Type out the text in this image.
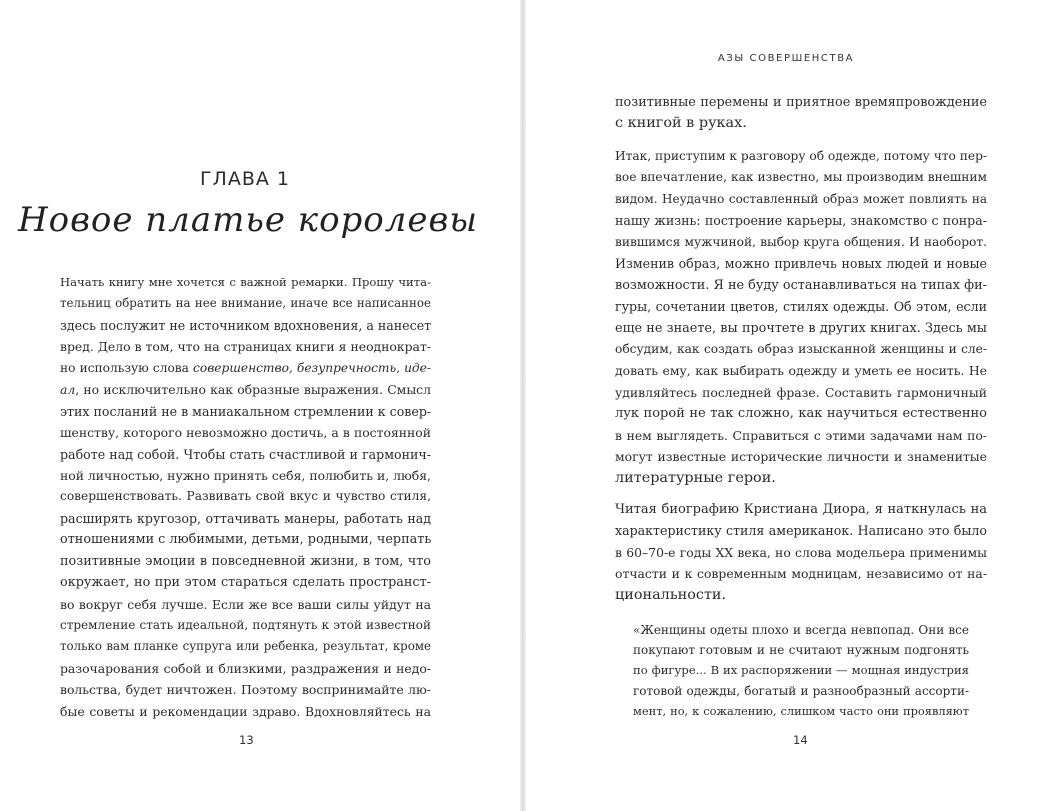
ГЛАВА 1
Новое платье королевы
Начать книгу мне хочется с важной ремарки. Прошу чита-
тельниц обратить на нее внимание, иначе все написанное
здесь послужит не источником вдохновения, а нанесет
вред. Дело в том, что на страницах книги я неоднократ-
но использую слова совершенство, безупречность, иде-
ал, но исключительно как образные выражения. Смысл
этих посланий не в маниакальном стремлении к совер-
шенству, которого невозможно достичь, а в постоянной
работе над собой. Чтобы стать счастливой и гармонич-
ной личностью, нужно принять себя, полюбить и, любя,
совершенствовать. Развивать свой вкус и чувство стиля,
расширять кругозор, оттачивать манеры, работать над
отношениями с любимыми, детьми, родными, черпать
позитивные эмоции в повседневной жизни, в том, что
окружает, но при этом стараться сделать пространст-
во вокруг себя лучше. Если же все ваши силы уйдут на
стремление стать идеальной, подтянуть к этой известной
только вам планке супруга или ребенка, результат, кроме
разочарования собой и близкими, раздражения и недо-
вольства, будет ничтожен. Поэтому воспринимайте лю-
бые советы и рекомендации здраво. Вдохновляйтесь на
13
АЗЫ СОВЕРШЕНСТВА
позитивные перемены и приятное времяпровождение
с книгой в руках.
Итак, приступим к разговору об одежде, потому что пер-
вое впечатление, как известно, мы производим внешним
видом. Неудачно составленный образ может повлиять на
нашу жизнь: построение карьеры, знакомство с понра-
вившимся мужчиной, выбор круга общения. И наоборот.
Изменив образ, можно привлечь новых людей и новые
возможности. Я не буду останавливаться на типах фи-
гуры, сочетании цветов, стилях одежды. Об этом, если
еще не знаете, вы прочтете в других книгах. Здесь мы
обсудим, как создать образ изысканной женщины и сле-
довать ему, как выбирать одежду и уметь ее носить. Не
удивляйтесь последней фразе. Составить гармоничный
лук порой не так сложно, как научиться естественно
в нем выглядеть. Справиться с этими задачами нам по-
могут известные исторические личности и знаменитые
литературные герои.
Читая биографию Кристиана Диора, я наткнулась на
характеристику стиля американок. Написано это было
в 60–70-е годы XX века, но слова модельера применимы
отчасти и к современным модницам, независимо от на-
циональности.
«Женщины одеты плохо и всегда невпопад. Они все
покупают готовым и не считают нужным подгонять
по фигуре... В их распоряжении — мощная индустрия
готовой одежды, богатый и разнообразный ассорти-
мент, но, к сожалению, слишком часто они проявляют
14
